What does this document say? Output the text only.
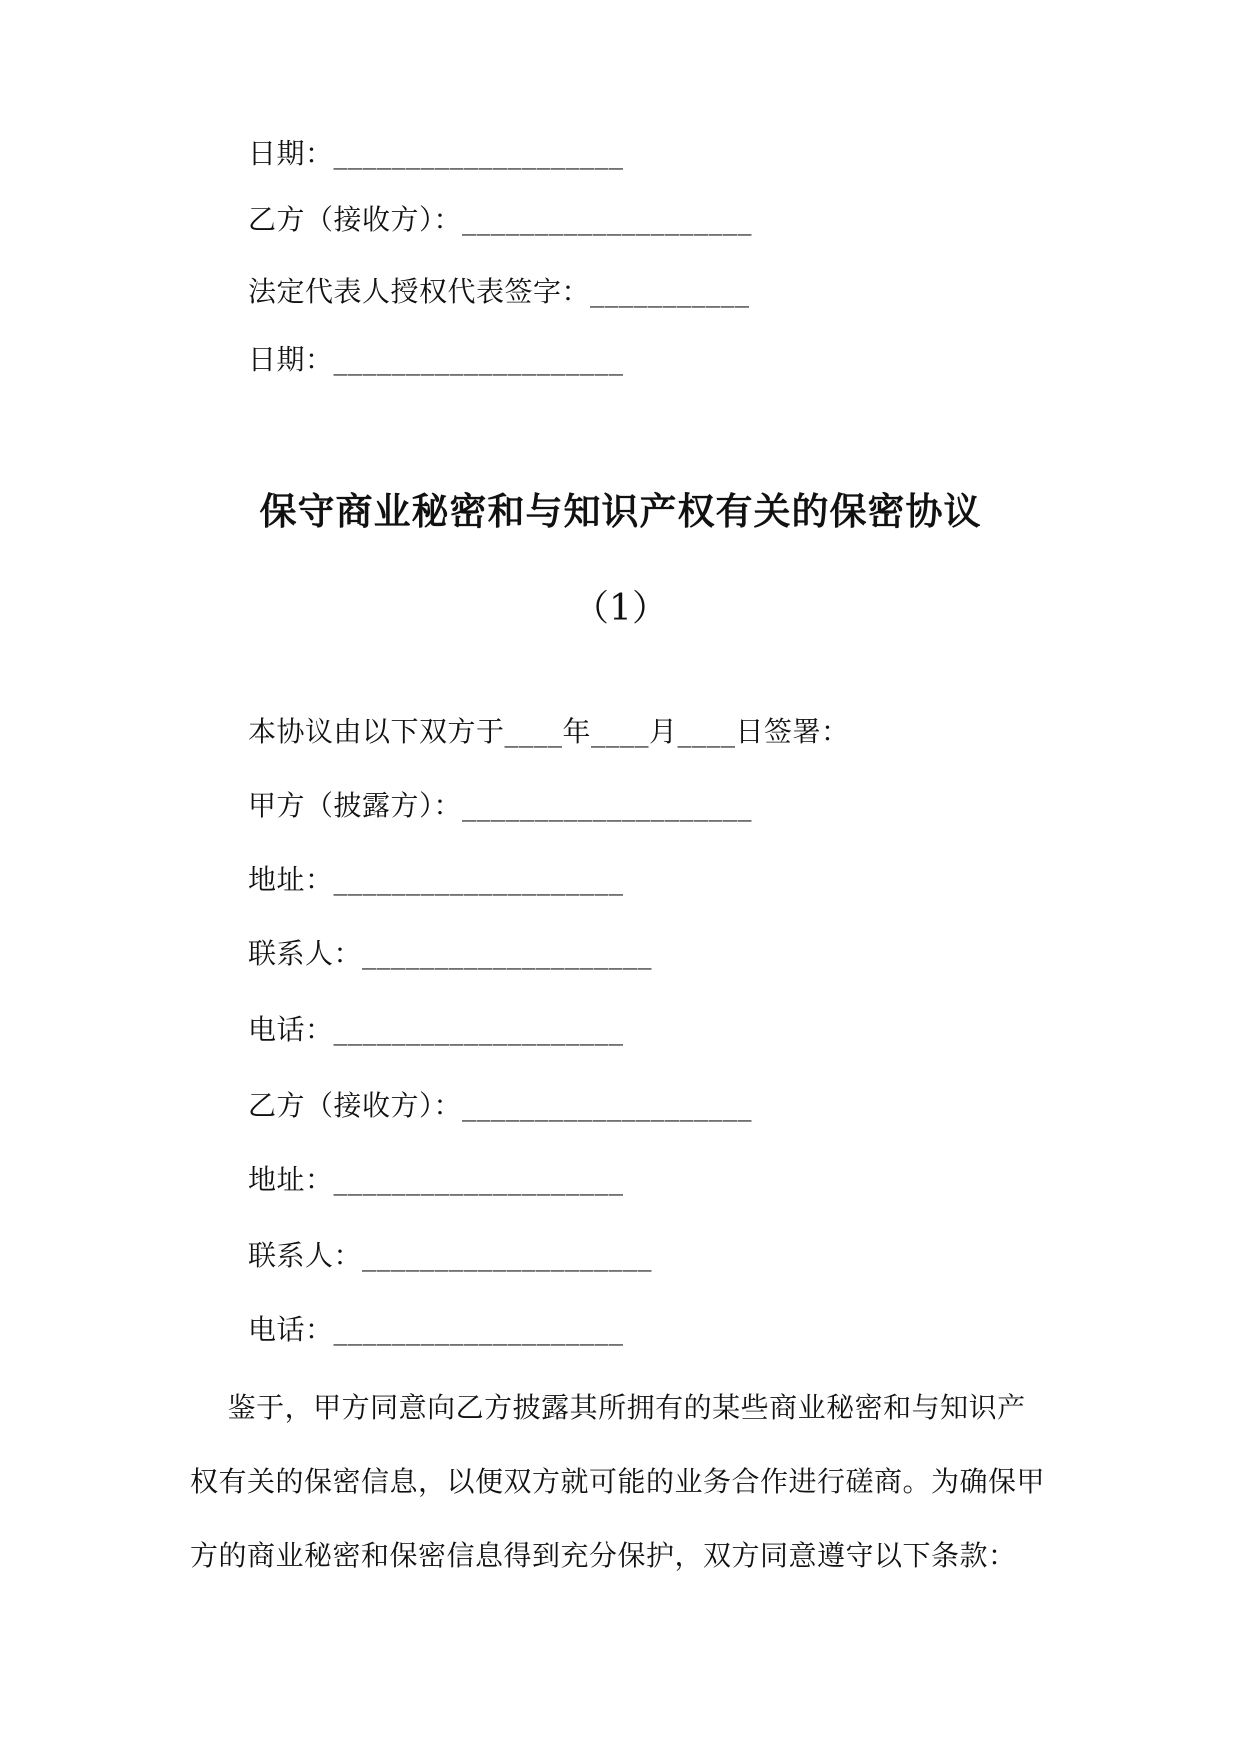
日期：____________________
乙方（接收方）：____________________
法定代表人授权代表签字：___________
日期：____________________
保守商业秘密和与知识产权有关的保密协议
（1）
本协议由以下双方于____年____月____日签署：
甲方（披露方）：____________________
地址：____________________
联系人：____________________
电话：____________________
乙方（接收方）：____________________
地址：____________________
联系人：____________________
电话：____________________
鉴于，甲方同意向乙方披露其所拥有的某些商业秘密和与知识产
权有关的保密信息，以便双方就可能的业务合作进行磋商。为确保甲
方的商业秘密和保密信息得到充分保护，双方同意遵守以下条款：
